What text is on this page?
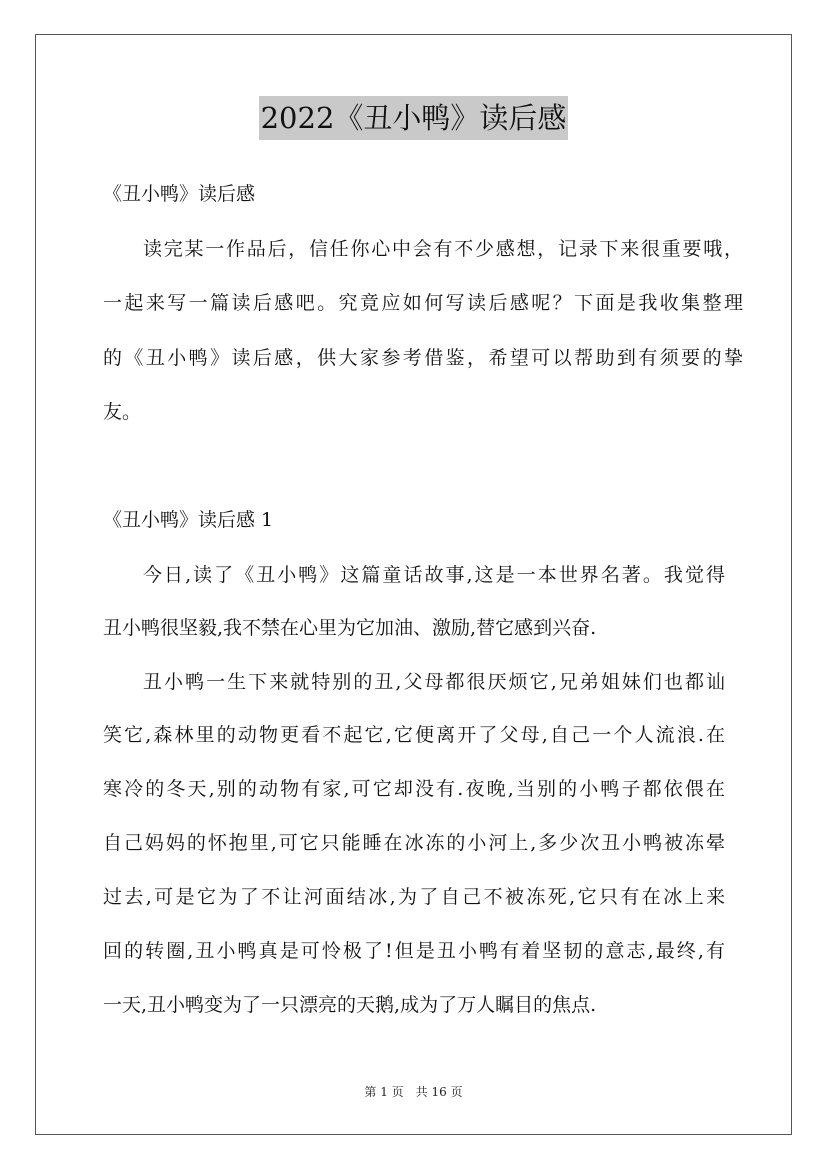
2022《丑小鸭》读后感
《丑小鸭》读后感
读完某一作品后，信任你心中会有不少感想，记录下来很重要哦，
一起来写一篇读后感吧。究竟应如何写读后感呢？下面是我收集整理
的《丑小鸭》读后感，供大家参考借鉴，希望可以帮助到有须要的挚
友。
《丑小鸭》读后感 1
今日,读了《丑小鸭》这篇童话故事,这是一本世界名著。我觉得
丑小鸭很坚毅,我不禁在心里为它加油、激励,替它感到兴奋.
丑小鸭一生下来就特别的丑,父母都很厌烦它,兄弟姐妹们也都讪
笑它,森林里的动物更看不起它,它便离开了父母,自己一个人流浪.在
寒冷的冬天,别的动物有家,可它却没有.夜晚,当别的小鸭子都依偎在
自己妈妈的怀抱里,可它只能睡在冰冻的小河上,多少次丑小鸭被冻晕
过去,可是它为了不让河面结冰,为了自己不被冻死,它只有在冰上来
回的转圈,丑小鸭真是可怜极了!但是丑小鸭有着坚韧的意志,最终,有
一天,丑小鸭变为了一只漂亮的天鹅,成为了万人瞩目的焦点.
第 1 页　共 16 页
